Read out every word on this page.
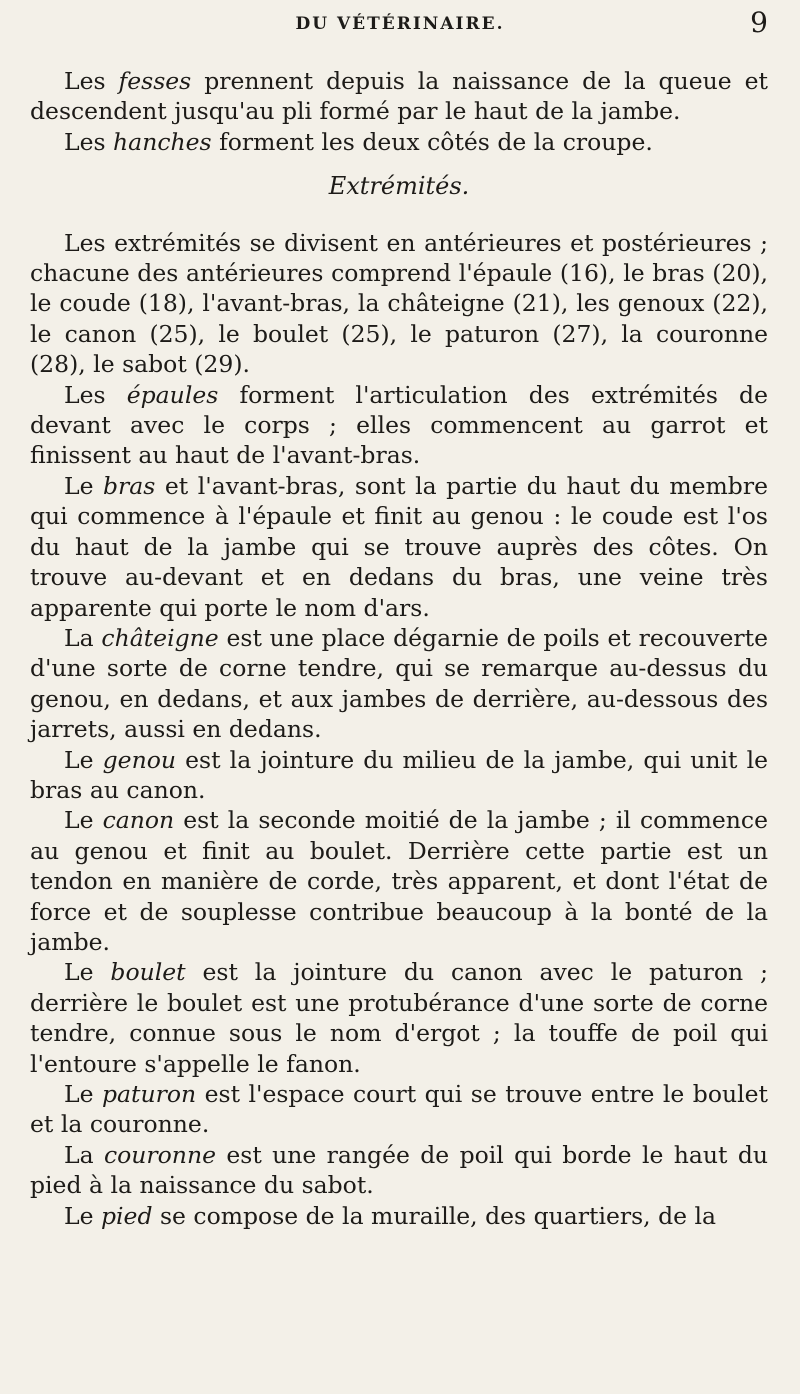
DU VÉTÉRINAIRE.	9

Les fesses prennent depuis la naissance de la queue et descendent jusqu'au pli formé par le haut de la jambe.

Les hanches forment les deux côtés de la croupe.

Extrémités.

Les extrémités se divisent en antérieures et postérieures ; chacune des antérieures comprend l'épaule (16), le bras (20), le coude (18), l'avant-bras, la châteigne (21), les genoux (22), le canon (25), le boulet (25), le paturon (27), la couronne (28), le sabot (29).

Les épaules forment l'articulation des extrémités de devant avec le corps ; elles commencent au garrot et finissent au haut de l'avant-bras.

Le bras et l'avant-bras, sont la partie du haut du membre qui commence à l'épaule et finit au genou : le coude est l'os du haut de la jambe qui se trouve auprès des côtes. On trouve au-devant et en dedans du bras, une veine très apparente qui porte le nom d'ars.

La châteigne est une place dégarnie de poils et recouverte d'une sorte de corne tendre, qui se remarque au-dessus du genou, en dedans, et aux jambes de derrière, au-dessous des jarrets, aussi en dedans.

Le genou est la jointure du milieu de la jambe, qui unit le bras au canon.

Le canon est la seconde moitié de la jambe ; il commence au genou et finit au boulet. Derrière cette partie est un tendon en manière de corde, très apparent, et dont l'état de force et de souplesse contribue beaucoup à la bonté de la jambe.

Le boulet est la jointure du canon avec le paturon ; derrière le boulet est une protubérance d'une sorte de corne tendre, connue sous le nom d'ergot ; la touffe de poil qui l'entoure s'appelle le fanon.

Le paturon est l'espace court qui se trouve entre le boulet et la couronne.

La couronne est une rangée de poil qui borde le haut du pied à la naissance du sabot.

Le pied se compose de la muraille, des quartiers, de la
